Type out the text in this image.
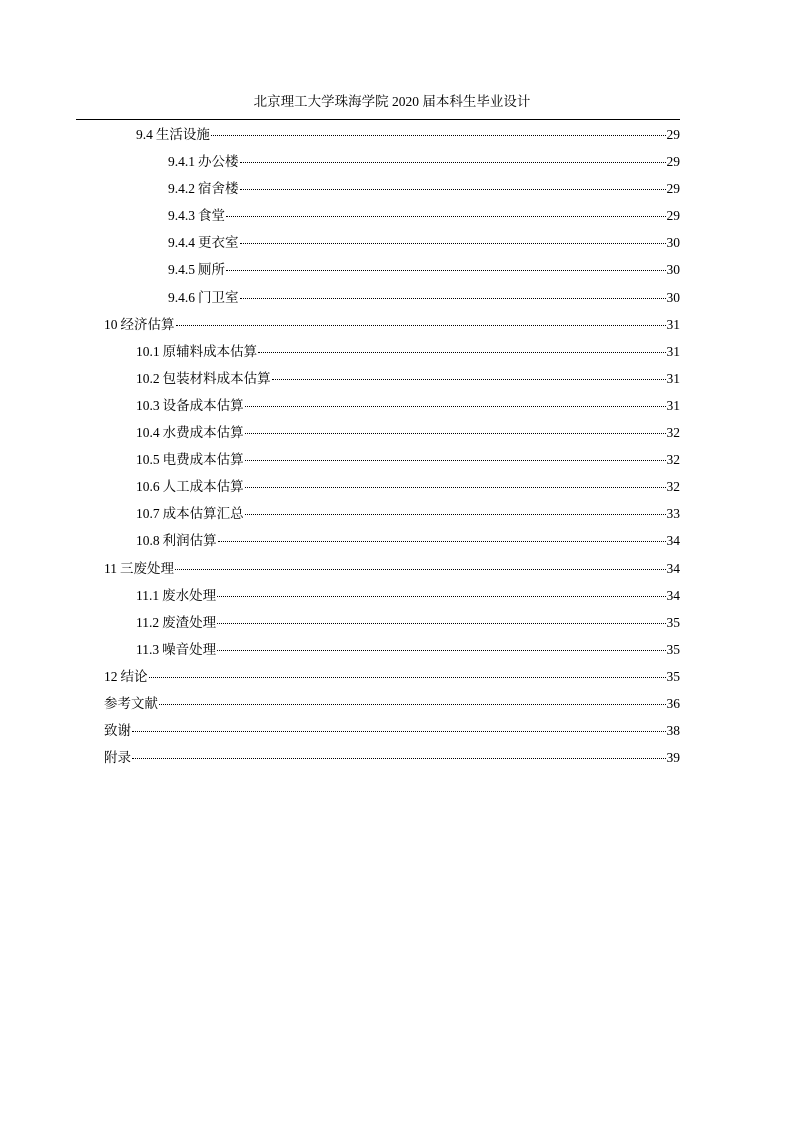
北京理工大学珠海学院 2020 届本科生毕业设计
9.4 生活设施	29
9.4.1 办公楼	29
9.4.2 宿舍楼	29
9.4.3 食堂	29
9.4.4 更衣室	30
9.4.5 厕所	30
9.4.6 门卫室	30
10 经济估算	31
10.1 原辅料成本估算	31
10.2 包装材料成本估算	31
10.3 设备成本估算	31
10.4 水费成本估算	32
10.5 电费成本估算	32
10.6 人工成本估算	32
10.7 成本估算汇总	33
10.8 利润估算	34
11 三废处理	34
11.1 废水处理	34
11.2 废渣处理	35
11.3 噪音处理	35
12 结论	35
参考文献	36
致谢	38
附录	39
